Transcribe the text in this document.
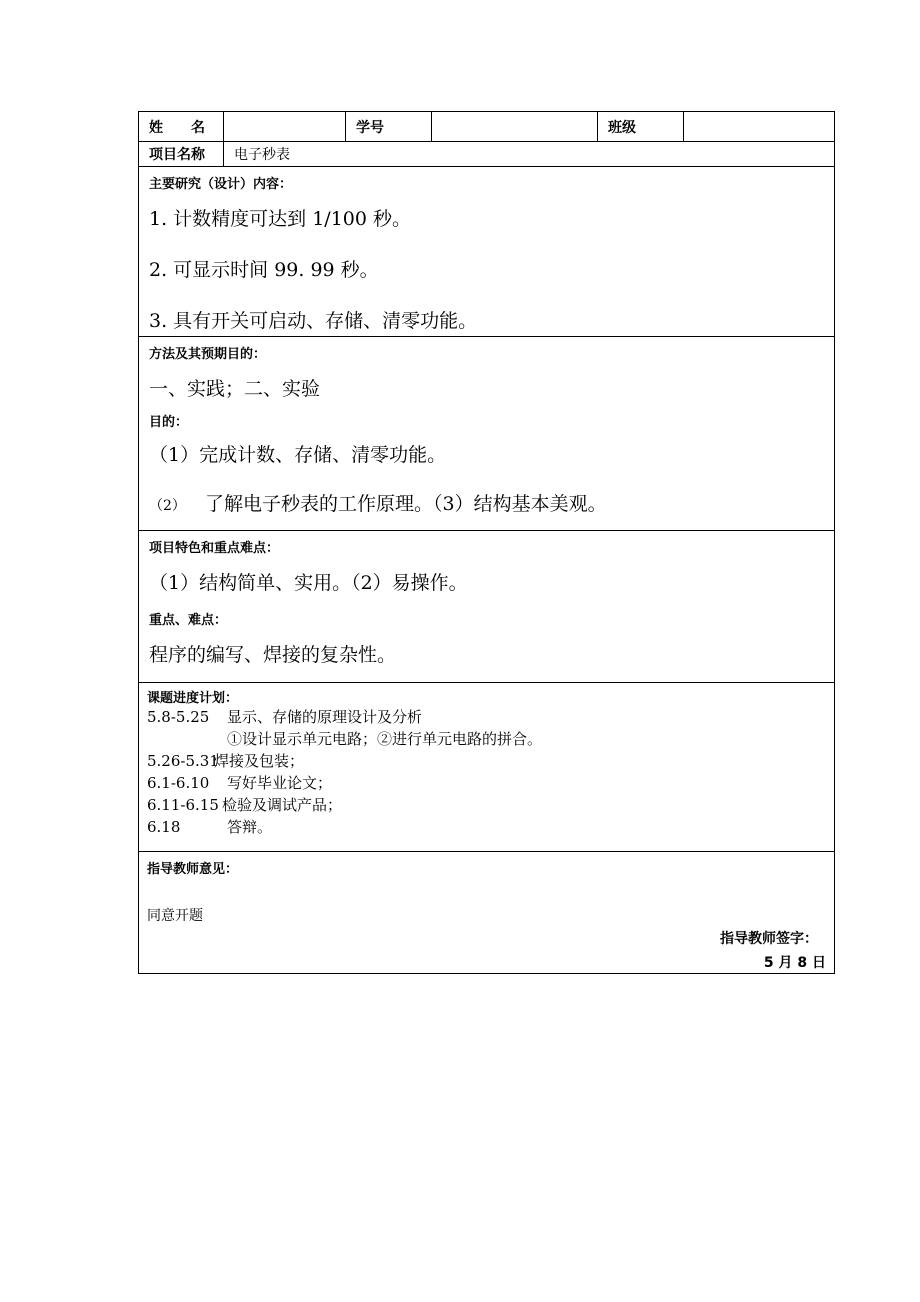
姓　　名	学号	班级
项目名称	电子秒表
主要研究（设计）内容：
1. 计数精度可达到 1/100 秒。
2. 可显示时间 99. 99 秒。
3. 具有开关可启动、存储、清零功能。
方法及其预期目的：
一、实践；二、实验
目的：
（1）完成计数、存储、清零功能。
（2）	了解电子秒表的工作原理。（3）结构基本美观。
项目特色和重点难点：
（1）结构简单、实用。（2）易操作。
重点、难点：
程序的编写、焊接的复杂性。
课题进度计划：
5.8-5.25	显示、存储的原理设计及分析
①设计显示单元电路；②进行单元电路的拼合。
5.26-5.31
焊接及包装；
6.1-6.10	写好毕业论文；
6.11-6.15 检验及调试产品；
6.18	答辩。
指导教师意见：
同意开题
指导教师签字：
5 月 8 日
